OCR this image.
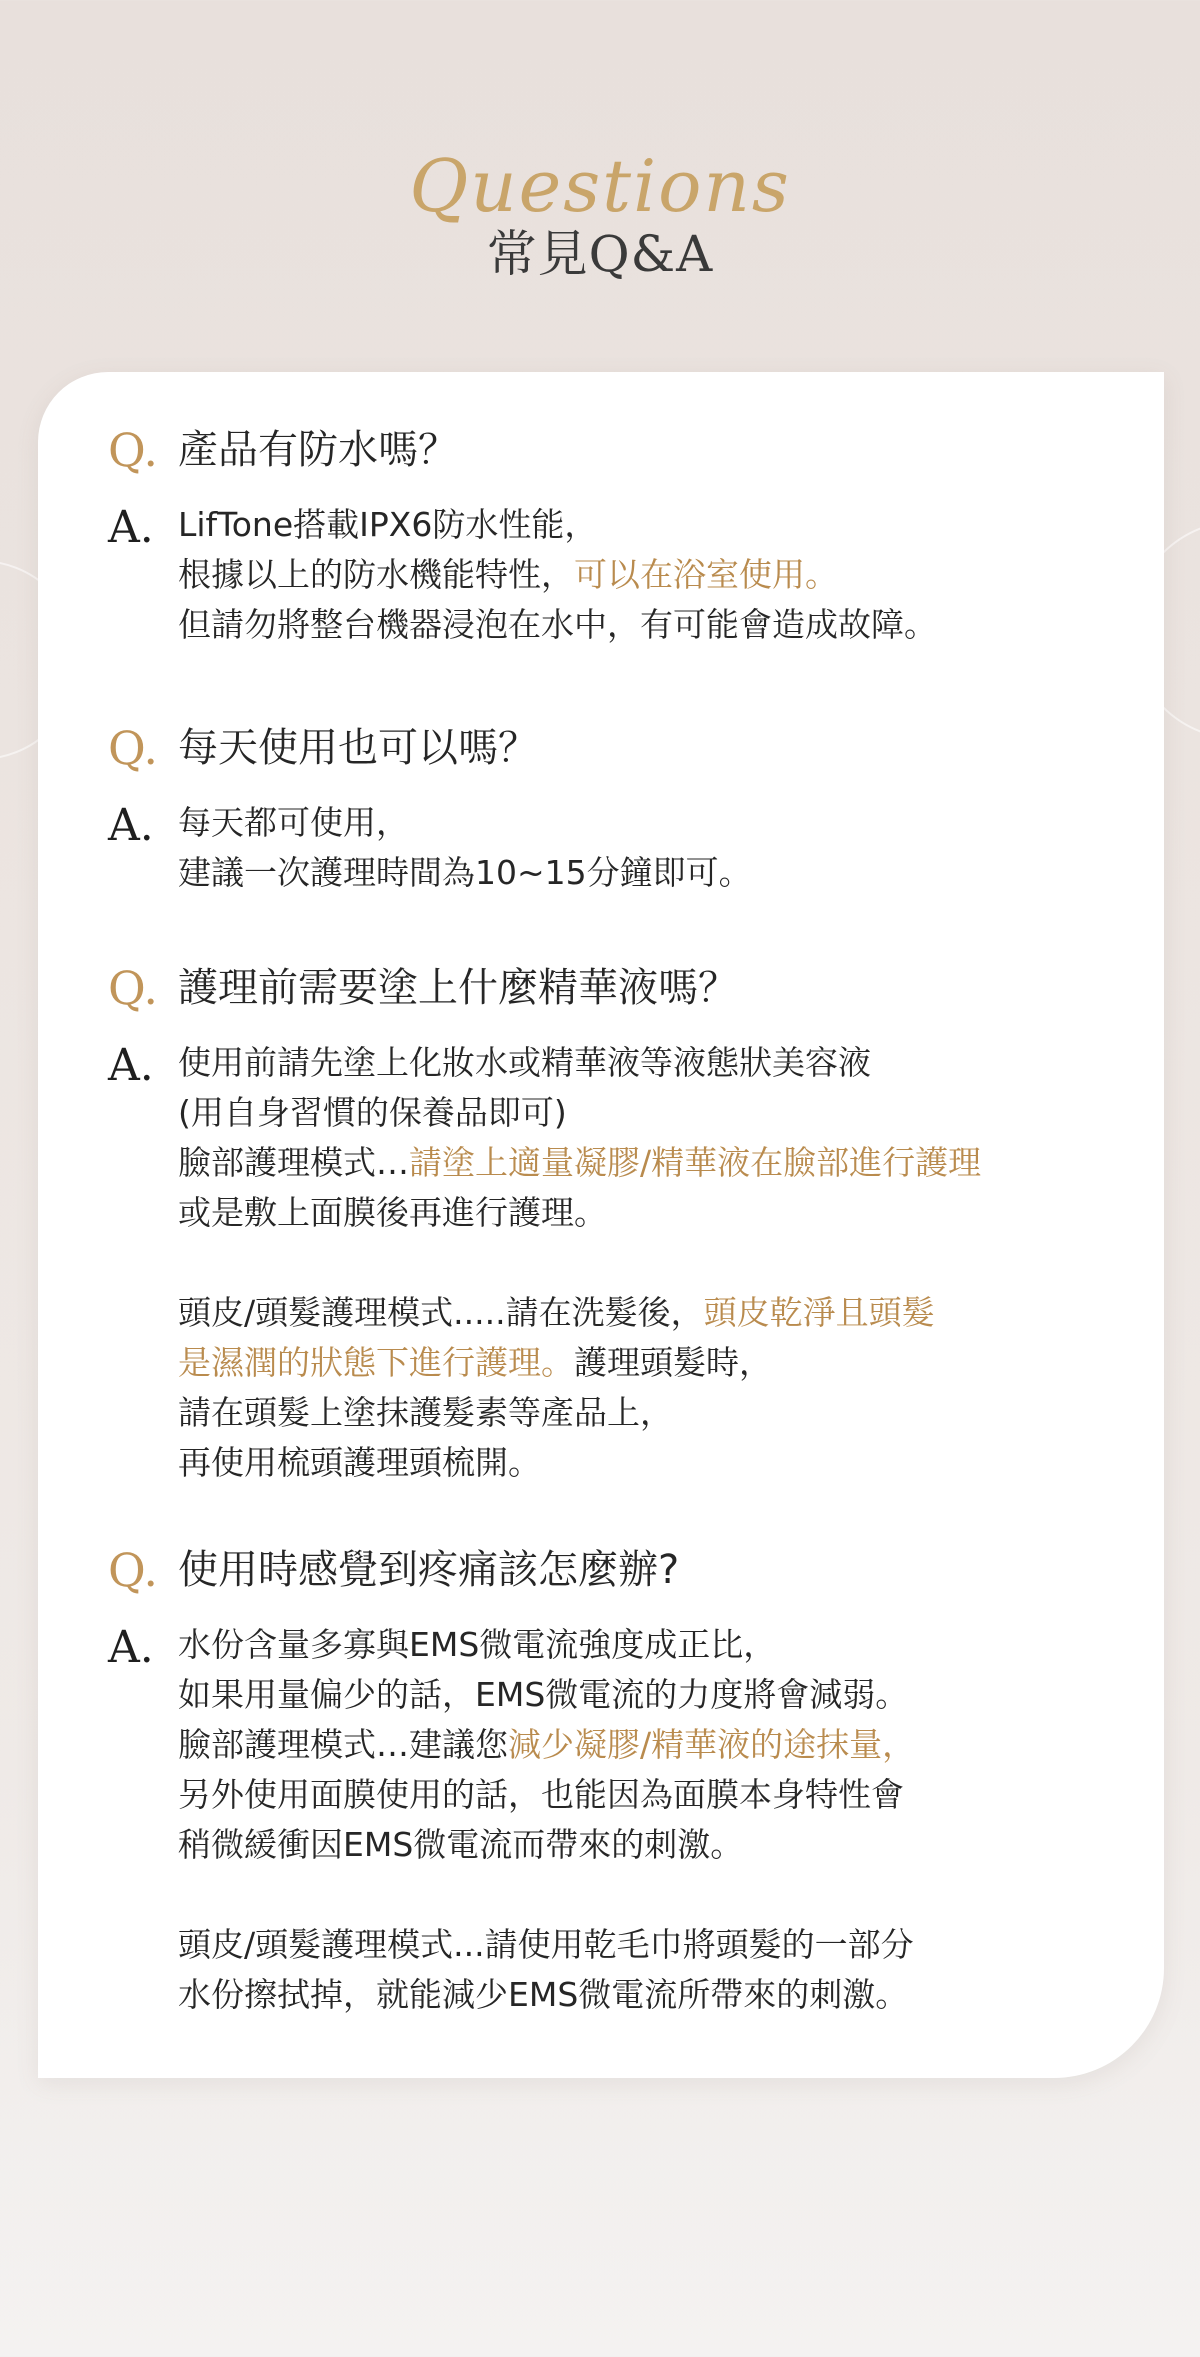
Questions
常見Q&A
Q. 產品有防水嗎？
A. LifTone搭載IPX6防水性能，
根據以上的防水機能特性，可以在浴室使用。
但請勿將整台機器浸泡在水中，有可能會造成故障。
Q. 每天使用也可以嗎？
A. 每天都可使用，
建議一次護理時間為10~15分鐘即可。
Q. 護理前需要塗上什麼精華液嗎？
A. 使用前請先塗上化妝水或精華液等液態狀美容液
(用自身習慣的保養品即可)
臉部護理模式…請塗上適量凝膠/精華液在臉部進行護理
或是敷上面膜後再進行護理。
頭皮/頭髮護理模式.....請在洗髮後，頭皮乾淨且頭髮
是濕潤的狀態下進行護理。護理頭髮時，
請在頭髮上塗抹護髮素等產品上，
再使用梳頭護理頭梳開。
Q. 使用時感覺到疼痛該怎麼辦?
A. 水份含量多寡與EMS微電流強度成正比，
如果用量偏少的話，EMS微電流的力度將會減弱。
臉部護理模式…建議您減少凝膠/精華液的途抹量，
另外使用面膜使用的話，也能因為面膜本身特性會
稍微緩衝因EMS微電流而帶來的刺激。
頭皮/頭髮護理模式...請使用乾毛巾將頭髮的一部分
水份擦拭掉，就能減少EMS微電流所帶來的刺激。
